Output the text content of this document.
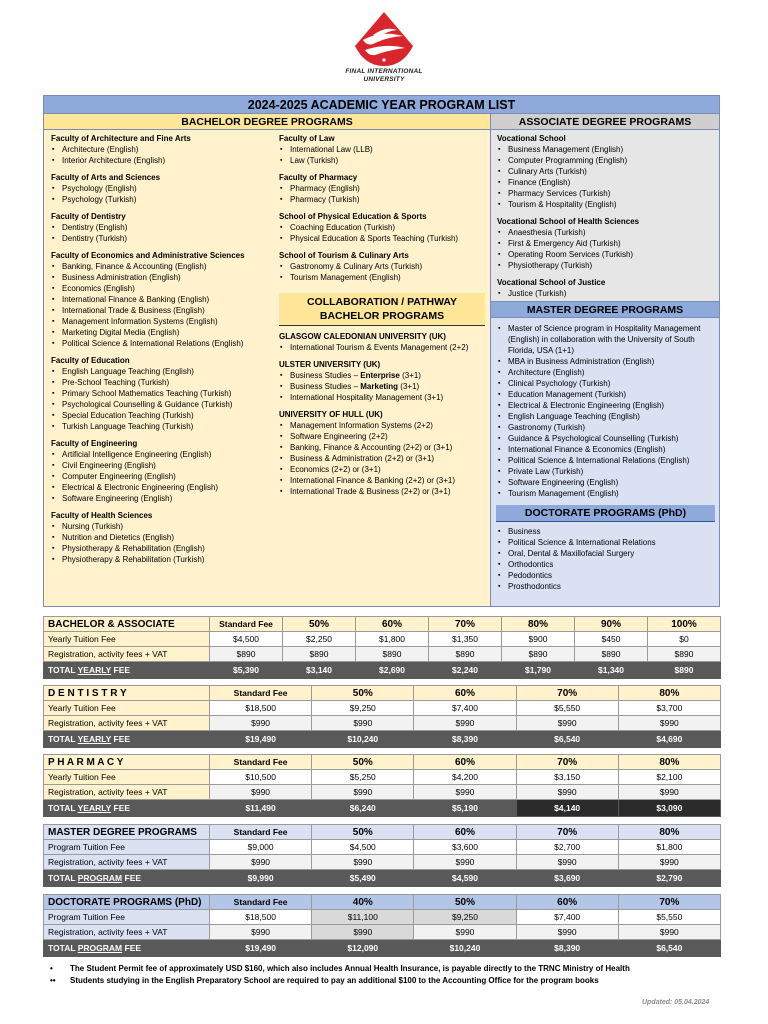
FINAL INTERNATIONAL
UNIVERSITY
2024-2025 ACADEMIC YEAR PROGRAM LIST
BACHELOR DEGREE PROGRAMS
Faculty of Architecture and Fine Arts
▪ Architecture (English)
▪ Interior Architecture (English)
Faculty of Arts and Sciences
▪ Psychology (English)
▪ Psychology (Turkish)
Faculty of Dentistry
▪ Dentistry (English)
▪ Dentistry (Turkish)
Faculty of Economics and Administrative Sciences
▪ Banking, Finance & Accounting (English)
▪ Business Administration (English)
▪ Economics (English)
▪ International Finance & Banking (English)
▪ International Trade & Business (English)
▪ Management Information Systems (English)
▪ Marketing Digital Media (English)
▪ Political Science & International Relations (English)
Faculty of Education
▪ English Language Teaching (English)
▪ Pre-School Teaching (Turkish)
▪ Primary School Mathematics Teaching (Turkish)
▪ Psychological Counselling & Guidance (Turkish)
▪ Special Education Teaching (Turkish)
▪ Turkish Language Teaching (Turkish)
Faculty of Engineering
▪ Artificial Intelligence Engineering (English)
▪ Civil Engineering (English)
▪ Computer Engineering (English)
▪ Electrical & Electronic Engineering (English)
▪ Software Engineering (English)
Faculty of Health Sciences
▪ Nursing (Turkish)
▪ Nutrition and Dietetics (English)
▪ Physiotherapy & Rehabilitation (English)
▪ Physiotherapy & Rehabilitation (Turkish)
Faculty of Law
▪ International Law (LLB)
▪ Law (Turkish)
Faculty of Pharmacy
▪ Pharmacy (English)
▪ Pharmacy (Turkish)
School of Physical Education & Sports
▪ Coaching Education (Turkish)
▪ Physical Education & Sports Teaching (Turkish)
School of Tourism & Culinary Arts
▪ Gastronomy & Culinary Arts (Turkish)
▪ Tourism Management (English)
COLLABORATION / PATHWAY
BACHELOR PROGRAMS
GLASGOW CALEDONIAN UNIVERSITY (UK)
▪ International Tourism & Events Management (2+2)
ULSTER UNIVERSITY (UK)
▪ Business Studies – Enterprise (3+1)
▪ Business Studies – Marketing (3+1)
▪ International Hospitality Management (3+1)
UNIVERSITY OF HULL (UK)
▪ Management Information Systems (2+2)
▪ Software Engineering (2+2)
▪ Banking, Finance & Accounting (2+2) or (3+1)
▪ Business & Administration (2+2) or (3+1)
▪ Economics (2+2) or (3+1)
▪ International Finance & Banking (2+2) or (3+1)
▪ International Trade & Business (2+2) or (3+1)
ASSOCIATE DEGREE PROGRAMS
Vocational School
▪ Business Management (English)
▪ Computer Programming (English)
▪ Culinary Arts (Turkish)
▪ Finance (English)
▪ Pharmacy Services (Turkish)
▪ Tourism & Hospitality (English)
Vocational School of Health Sciences
▪ Anaesthesia (Turkish)
▪ First & Emergency Aid (Turkish)
▪ Operating Room Services (Turkish)
▪ Physiotherapy (Turkish)
Vocational School of Justice
▪ Justice (Turkish)
MASTER DEGREE PROGRAMS
▪ Master of Science program in Hospitality Management (English) in collaboration with the University of South Florida, USA (1+1)
▪ MBA in Business Administration (English)
▪ Architecture (English)
▪ Clinical Psychology (Turkish)
▪ Education Management (Turkish)
▪ Electrical & Electronic Engineering (English)
▪ English Language Teaching (English)
▪ Gastronomy (Turkish)
▪ Guidance & Psychological Counselling (Turkish)
▪ International Finance & Economics (English)
▪ Political Science & International Relations (English)
▪ Private Law (Turkish)
▪ Software Engineering (English)
▪ Tourism Management (English)
DOCTORATE PROGRAMS (PhD)
▪ Business
▪ Political Science & International Relations
▪ Oral, Dental & Maxillofacial Surgery
▪ Orthodontics
▪ Pedodontics
▪ Prosthodontics
BACHELOR & ASSOCIATE	Standard Fee	50%	60%	70%	80%	90%	100%
Yearly Tuition Fee	$4,500	$2,250	$1,800	$1,350	$900	$450	$0
Registration, activity fees + VAT	$890	$890	$890	$890	$890	$890	$890
TOTAL YEARLY FEE	$5,390	$3,140	$2,690	$2,240	$1,790	$1,340	$890
D E N T I S T R Y	Standard Fee	50%	60%	70%	80%
Yearly Tuition Fee	$18,500	$9,250	$7,400	$5,550	$3,700
Registration, activity fees + VAT	$990	$990	$990	$990	$990
TOTAL YEARLY FEE	$19,490	$10,240	$8,390	$6,540	$4,690
P H A R M A C Y	Standard Fee	50%	60%	70%	80%
Yearly Tuition Fee	$10,500	$5,250	$4,200	$3,150	$2,100
Registration, activity fees + VAT	$990	$990	$990	$990	$990
TOTAL YEARLY FEE	$11,490	$6,240	$5,190	$4,140	$3,090
MASTER DEGREE PROGRAMS	Standard Fee	50%	60%	70%	80%
Program Tuition Fee	$9,000	$4,500	$3,600	$2,700	$1,800
Registration, activity fees + VAT	$990	$990	$990	$990	$990
TOTAL PROGRAM FEE	$9,990	$5,490	$4,590	$3,690	$2,790
DOCTORATE PROGRAMS (PhD)	Standard Fee	40%	50%	60%	70%
Program Tuition Fee	$18,500	$11,100	$9,250	$7,400	$5,550
Registration, activity fees + VAT	$990	$990	$990	$990	$990
TOTAL PROGRAM FEE	$19,490	$12,090	$10,240	$8,390	$6,540
•	The Student Permit fee of approximately USD $160, which also includes Annual Health Insurance, is payable directly to the TRNC Ministry of Health
••	Students studying in the English Preparatory School are required to pay an additional $100 to the Accounting Office for the program books
Updated: 05.04.2024
